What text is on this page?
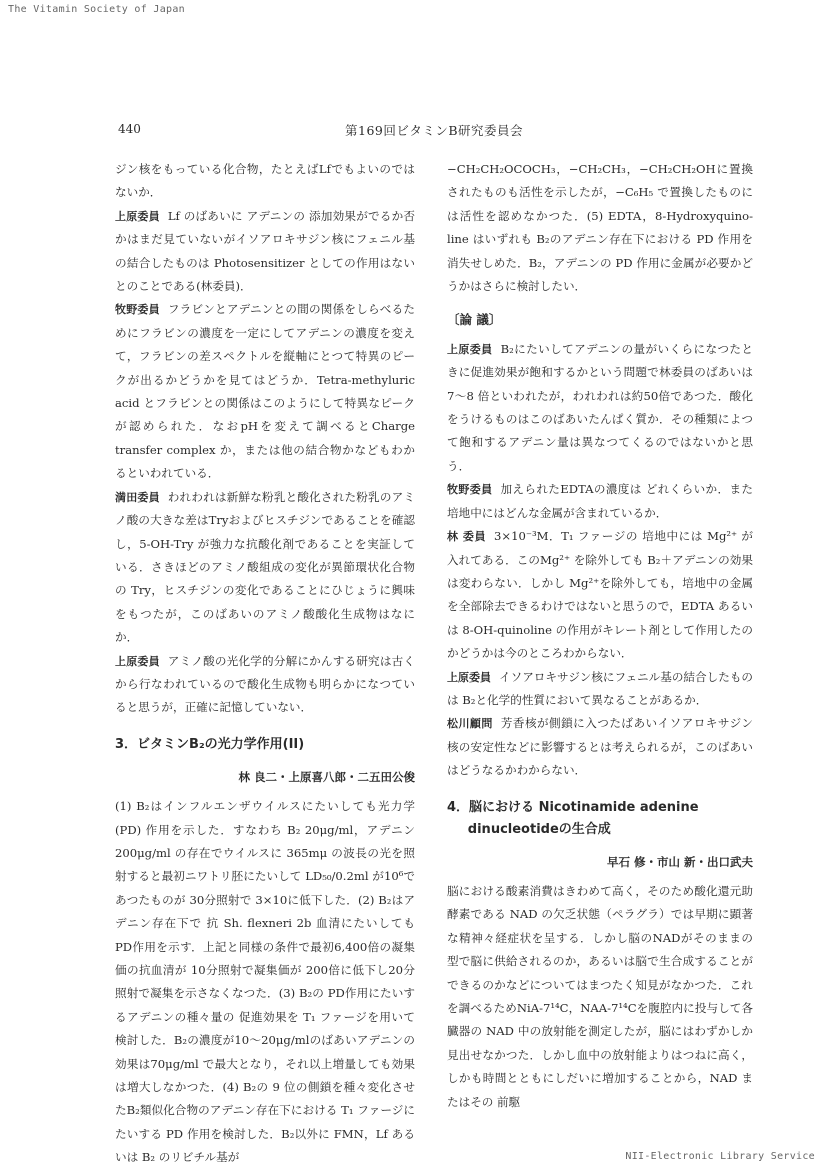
The Vitamin Society of Japan
440	第169回ビタミンB研究委員会

ジン核をもっている化合物，たとえばLfでもよいのではないか．

上原委員 Lf のばあいに アデニンの 添加効果がでるか否かはまだ見ていないがイソアロキサジン核にフェニル基の結合したものは Photosensitizer としての作用はないとのことである(林委員)．

牧野委員 フラビンとアデニンとの間の関係をしらべるためにフラビンの濃度を一定にしてアデニンの濃度を変えて，フラビンの差スペクトルを縦軸にとつて特異のピークが出るかどうかを見てはどうか．Tetra-methyluric acid とフラビンとの関係はこのようにして特異なピークが認められた．なおpHを変えて調べるとCharge transfer complex か，または他の結合物かなどもわかるといわれている．

満田委員 われわれは新鮮な粉乳と酸化された粉乳のアミノ酸の大きな差はTryおよびヒスチジンであることを確認し，5-OH-Try が強力な抗酸化剤であることを実証している．さきほどのアミノ酸組成の変化が異節環状化合物の Try，ヒスチジンの変化であることにひじょうに興味をもつたが，このばあいのアミノ酸酸化生成物はなにか．

上原委員 アミノ酸の光化学的分解にかんする研究は古くから行なわれているので酸化生成物も明らかになつていると思うが，正確に記憶していない．

3．ビタミンB₂の光力学作用(II)
林 良二・上原喜八郎・二五田公俊

(1) B₂はインフルエンザウイルスにたいしても光力学(PD) 作用を示した．すなわち B₂ 20μg/ml，アデニン200μg/ml の存在でウイルスに 365mμ の波長の光を照射すると最初ニワトリ胚にたいして LD₅₀/0.2ml が10⁶であつたものが 30分照射で 3×10に低下した．(2) B₂はアデニン存在下で 抗 Sh. flexneri 2b 血清にたいしても PD作用を示す．上記と同様の条件で最初6,400倍の凝集価の抗血清が 10分照射で凝集価が 200倍に低下し20分照射で凝集を示さなくなつた．(3) B₂の PD作用にたいするアデニンの種々量の 促進効果を T₁ ファージを用いて検討した．B₂の濃度が10〜20μg/mlのばあいアデニンの効果は70μg/ml で最大となり，それ以上増量しても効果は増大しなかつた．(4) B₂の 9 位の側鎖を種々変化させたB₂類似化合物のアデニン存在下における T₁ ファージにたいする PD 作用を検討した．B₂以外に FMN，Lf あるいは B₂ のリビチル基が

−CH₂CH₂OCOCH₃，−CH₂CH₃，−CH₂CH₂OHに置換されたものも活性を示したが，−C₆H₅ で置換したものには活性を認めなかつた．(5) EDTA，8-Hydroxyquino-line はいずれも B₂のアデニン存在下における PD 作用を消失せしめた．B₂，アデニンの PD 作用に金属が必要かどうかはさらに検討したい．

〔論 議〕

上原委員 B₂にたいしてアデニンの量がいくらになつたときに促進効果が飽和するかという問題で林委員のばあいは 7〜8 倍といわれたが，われわれは約50倍であつた．酸化をうけるものはこのばあいたんぱく質か．その種類によつて飽和するアデニン量は異なつてくるのではないかと思う．

牧野委員 加えられたEDTAの濃度は どれくらいか．また培地中にはどんな金属が含まれているか．

林 委員 3×10⁻³M．T₁ ファージの 培地中には Mg²⁺ が入れてある．このMg²⁺ を除外しても B₂＋アデニンの効果は変わらない．しかし Mg²⁺を除外しても，培地中の金属を全部除去できるわけではないと思うので，EDTA あるいは 8-OH-quinoline の作用がキレート剤として作用したのかどうかは今のところわからない．

上原委員 イソアロキサジン核にフェニル基の結合したものは B₂と化学的性質において異なることがあるか．

松川顧問 芳香核が側鎖に入つたばあいイソアロキサジン核の安定性などに影響するとは考えられるが，このばあいはどうなるかわからない．

4．脳における Nicotinamide adenine
dinucleotideの生合成
早石 修・市山 新・出口武夫

脳における酸素消費はきわめて高く，そのため酸化還元助酵素である NAD の欠乏状態（ペラグラ）では早期に顕著な精神々経症状を呈する．しかし脳のNADがそのままの型で脳に供給されるのか，あるいは脳で生合成することができるのかなどについてはまつたく知見がなかつた．これを調べるためNiA-7¹⁴C，NAA-7¹⁴Cを腹腔内に投与して各臓器の NAD 中の放射能を測定したが，脳にはわずかしか見出せなかつた．しかし血中の放射能よりはつねに高く，しかも時間とともにしだいに増加することから，NAD またはその 前駆

NII-Electronic Library Service
